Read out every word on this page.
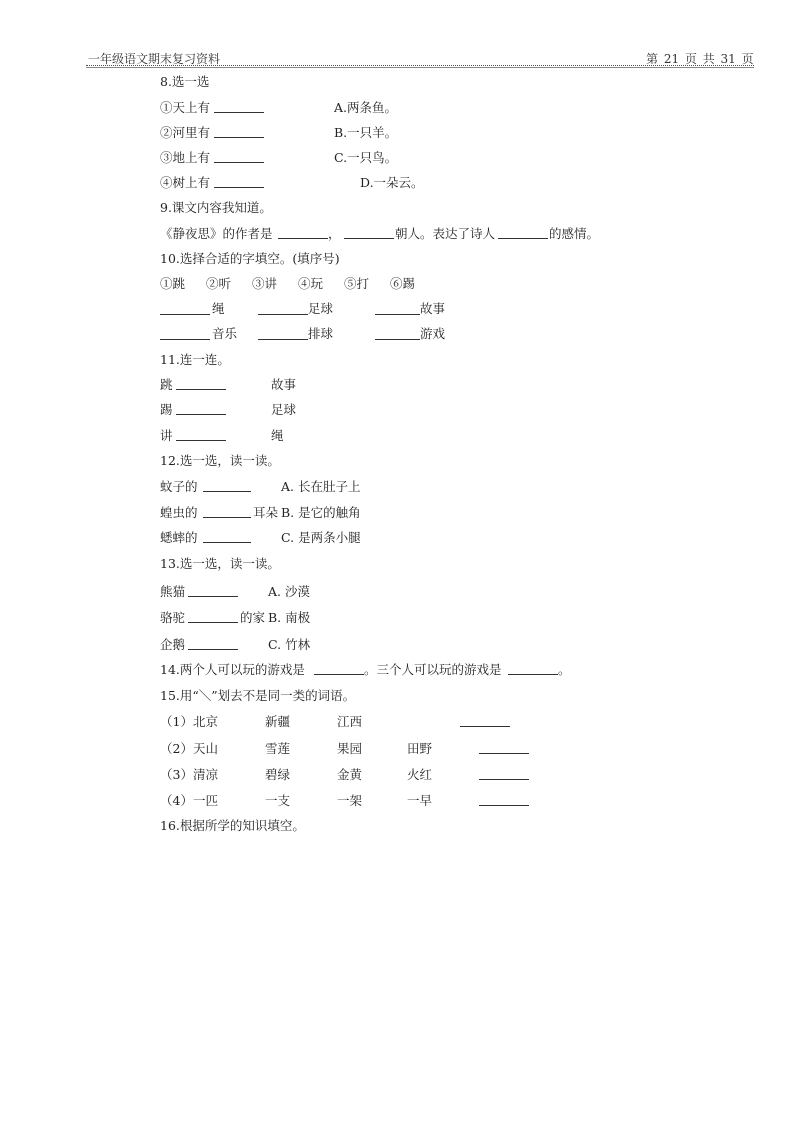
一年级语文期末复习资料	第 21 页 共 31 页
8.选一选
①天上有	A.两条鱼。
②河里有	B.一只羊。
③地上有	C.一只鸟。
④树上有	D.一朵云。
9.课文内容我知道。
《静夜思》的作者是	，	朝人。表达了诗人	的感情。
10.选择合适的字填空。(填序号)
①跳 ②听 ③讲 ④玩 ⑤打 ⑥踢
绳	足球	故事
音乐	排球	游戏
11.连一连。
跳	故事
踢	足球
讲	绳
12.选一选，读一读。
蚊子的	A. 长在肚子上
蝗虫的	耳朵 B. 是它的触角
蟋蟀的	C. 是两条小腿
13.选一选，读一读。
熊猫	A. 沙漠
骆驼	的家 B. 南极
企鹅	C. 竹林
14.两个人可以玩的游戏是	。三个人可以玩的游戏是	。
15.用“＼”划去不是同一类的词语。
（1）北京	新疆	江西
（2）天山	雪莲	果园	田野
（3）清凉	碧绿	金黄	火红
（4）一匹	一支	一架	一早
16.根据所学的知识填空。
